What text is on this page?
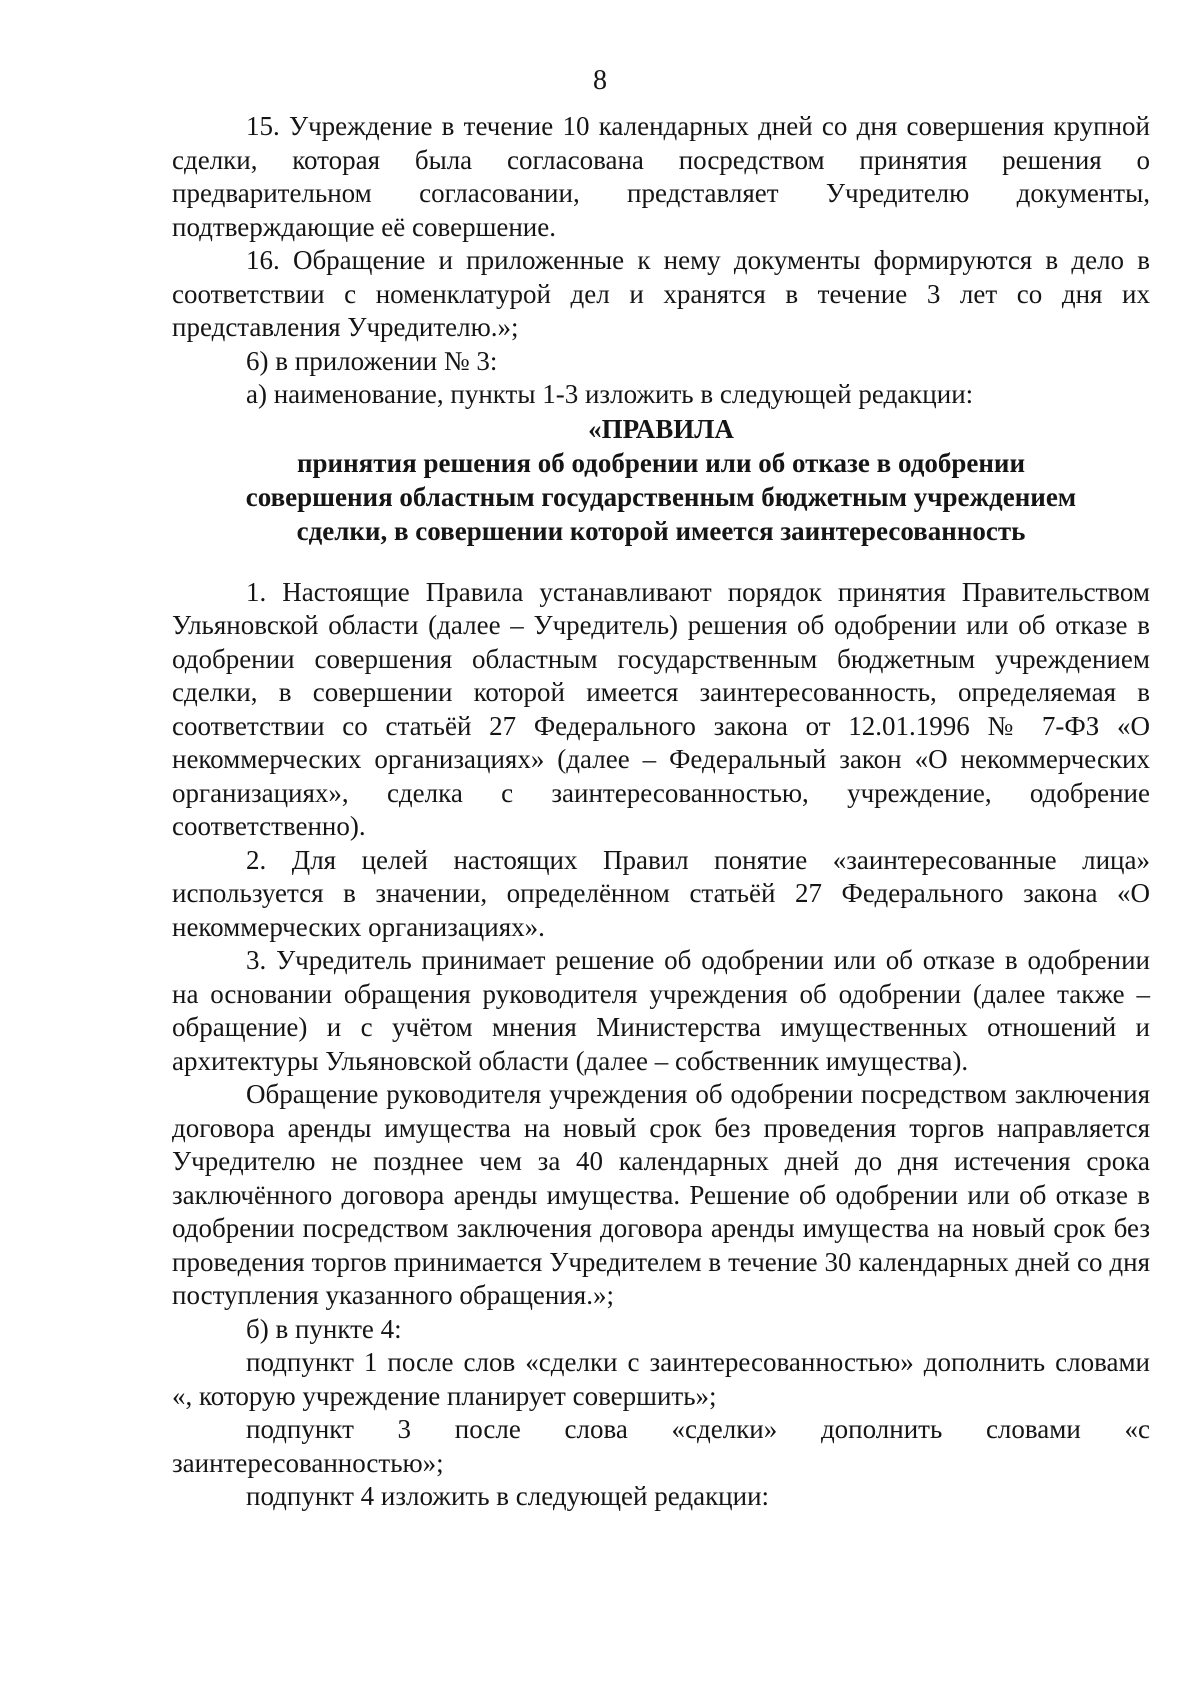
8

15. Учреждение в течение 10 календарных дней со дня совершения крупной сделки, которая была согласована посредством принятия решения о предварительном согласовании, представляет Учредителю документы, подтверждающие её совершение.

16. Обращение и приложенные к нему документы формируются в дело в соответствии с номенклатурой дел и хранятся в течение 3 лет со дня их представления Учредителю.»;

6) в приложении № 3:

а) наименование, пункты 1-3 изложить в следующей редакции:

«ПРАВИЛА
принятия решения об одобрении или об отказе в одобрении
совершения областным государственным бюджетным учреждением
сделки, в совершении которой имеется заинтересованность

1. Настоящие Правила устанавливают порядок принятия Правительством Ульяновской области (далее – Учредитель) решения об одобрении или об отказе в одобрении совершения областным государственным бюджетным учреждением сделки, в совершении которой имеется заинтересованность, определяемая в соответствии со статьёй 27 Федерального закона от 12.01.1996 № 7-ФЗ «О некоммерческих организациях» (далее – Федеральный закон «О некоммерческих организациях», сделка с заинтересованностью, учреждение, одобрение соответственно).

2. Для целей настоящих Правил понятие «заинтересованные лица» используется в значении, определённом статьёй 27 Федерального закона «О некоммерческих организациях».

3. Учредитель принимает решение об одобрении или об отказе в одобрении на основании обращения руководителя учреждения об одобрении (далее также – обращение) и с учётом мнения Министерства имущественных отношений и архитектуры Ульяновской области (далее – собственник имущества).

Обращение руководителя учреждения об одобрении посредством заключения договора аренды имущества на новый срок без проведения торгов направляется Учредителю не позднее чем за 40 календарных дней до дня истечения срока заключённого договора аренды имущества. Решение об одобрении или об отказе в одобрении посредством заключения договора аренды имущества на новый срок без проведения торгов принимается Учредителем в течение 30 календарных дней со дня поступления указанного обращения.»;

б) в пункте 4:

подпункт 1 после слов «сделки с заинтересованностью» дополнить словами «, которую учреждение планирует совершить»;

подпункт 3 после слова «сделки» дополнить словами «с заинтересованностью»;

подпункт 4 изложить в следующей редакции:
